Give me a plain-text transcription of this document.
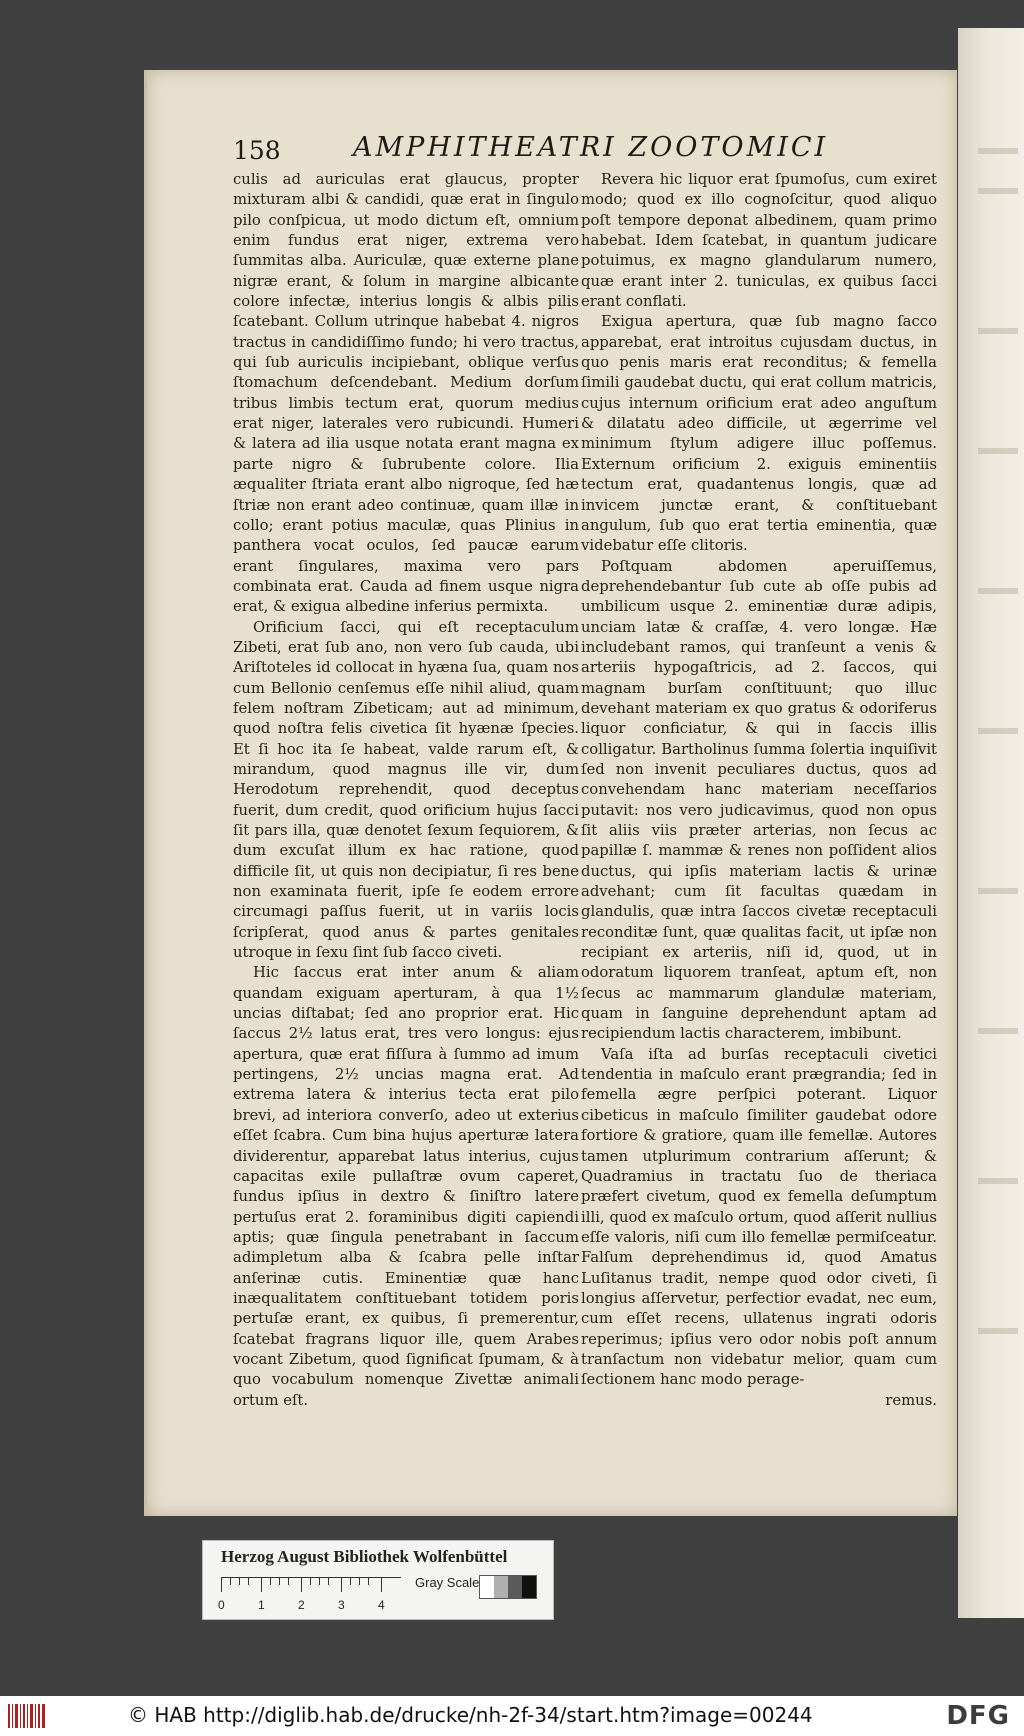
158	AMPHITHEATRI ZOOTOMICI

culis ad auriculas erat glaucus, propter mixturam albi & candidi, quæ erat in ſingulo pilo conſpicua, ut modo dictum eſt, omnium enim fundus erat niger, extrema vero ſummitas alba. Auriculæ, quæ externe plane nigræ erant, & ſolum in margine albicante colore infectæ, interius longis & albis pilis ſcatebant. Collum utrinque habebat 4. nigros tractus in candidiſſimo fundo; hi vero tractus, qui ſub auriculis incipiebant, oblique verſus ſtomachum deſcendebant. Medium dorſum tribus limbis tectum erat, quorum medius erat niger, laterales vero rubicundi. Humeri & latera ad ilia usque notata erant magna ex parte nigro & ſubrubente colore. Ilia æqualiter ſtriata erant albo nigroque, ſed hæ ſtriæ non erant adeo continuæ, quam illæ in collo; erant potius maculæ, quas Plinius in panthera vocat oculos, ſed paucæ earum erant ſingulares, maxima vero pars combinata erat. Cauda ad finem usque nigra erat, & exigua albedine inferius permixta.

Orificium ſacci, qui eſt receptaculum Zibeti, erat ſub ano, non vero ſub cauda, ubi Ariſtoteles id collocat in hyæna ſua, quam nos cum Bellonio cenſemus eſſe nihil aliud, quam felem noſtram Zibeticam; aut ad minimum, quod noſtra felis civetica ſit hyænæ ſpecies. Et ſi hoc ita ſe habeat, valde rarum eſt, & mirandum, quod magnus ille vir, dum Herodotum reprehendit, quod deceptus fuerit, dum credit, quod orificium hujus ſacci ſit pars illa, quæ denotet ſexum ſequiorem, & dum excuſat illum ex hac ratione, quod difficile ſit, ut quis non decipiatur, ſi res bene non examinata fuerit, ipſe ſe eodem errore circumagi paſſus fuerit, ut in variis locis ſcripſerat, quod anus & partes genitales utroque in ſexu ſint ſub ſacco civeti.

Hic ſaccus erat inter anum & aliam quandam exiguam aperturam, à qua 1½ uncias diſtabat; ſed ano proprior erat. Hic ſaccus 2½ latus erat, tres vero longus: ejus apertura, quæ erat fiſſura à ſummo ad imum pertingens, 2½ uncias magna erat. Ad extrema latera & interius tecta erat pilo brevi, ad interiora converſo, adeo ut exterius eſſet ſcabra. Cum bina hujus aperturæ latera dividerentur, apparebat latus interius, cujus capacitas exile pullaſtræ ovum caperet, fundus ipſius in dextro & ſiniſtro latere pertuſus erat 2. foraminibus digiti capiendi aptis; quæ ſingula penetrabant in ſaccum adimpletum alba & ſcabra pelle inſtar anſerinæ cutis. Eminentiæ quæ hanc inæqualitatem conſtituebant totidem poris pertuſæ erant, ex quibus, ſi premerentur, ſcatebat fragrans liquor ille, quem Arabes vocant Zibetum, quod ſignificat ſpumam, & à quo vocabulum nomenque Zivettæ animali ortum eſt.

Revera hic liquor erat ſpumoſus, cum exiret modo; quod ex illo cognoſcitur, quod aliquo poſt tempore deponat albedinem, quam primo habebat. Idem ſcatebat, in quantum judicare potuimus, ex magno glandularum numero, quæ erant inter 2. tuniculas, ex quibus ſacci erant conflati.

Exigua apertura, quæ ſub magno ſacco apparebat, erat introitus cujusdam ductus, in quo penis maris erat reconditus; & femella ſimili gaudebat ductu, qui erat collum matricis, cujus internum orificium erat adeo anguſtum & dilatatu adeo difficile, ut ægerrime vel minimum ſtylum adigere illuc poſſemus. Externum orificium 2. exiguis eminentiis tectum erat, quadantenus longis, quæ ad invicem junctæ erant, & conſtituebant angulum, ſub quo erat tertia eminentia, quæ videbatur eſſe clitoris.

Poſtquam abdomen aperuiſſemus, deprehendebantur ſub cute ab oſſe pubis ad umbilicum usque 2. eminentiæ duræ adipis, unciam latæ & craſſæ, 4. vero longæ. Hæ includebant ramos, qui tranſeunt a venis & arteriis hypogaſtricis, ad 2. ſaccos, qui magnam burſam conſtituunt; quo illuc devehant materiam ex quo gratus & odoriferus liquor conficiatur, & qui in ſaccis illis colligatur. Bartholinus ſumma ſolertia inquiſivit ſed non invenit peculiares ductus, quos ad convehendam hanc materiam neceſſarios putavit: nos vero judicavimus, quod non opus ſit aliis viis præter arterias, non ſecus ac papillæ ſ. mammæ & renes non poſſident alios ductus, qui ipſis materiam lactis & urinæ advehant; cum ſit facultas quædam in glandulis, quæ intra ſaccos civetæ receptaculi reconditæ ſunt, quæ qualitas facit, ut ipſæ non recipiant ex arteriis, niſi id, quod, ut in odoratum liquorem tranſeat, aptum eſt, non ſecus ac mammarum glandulæ materiam, quam in ſanguine deprehendunt aptam ad recipiendum lactis characterem, imbibunt.

Vaſa iſta ad burſas receptaculi civetici tendentia in maſculo erant prægrandia; ſed in femella ægre perſpici poterant. Liquor cibeticus in maſculo ſimiliter gaudebat odore fortiore & gratiore, quam ille femellæ. Autores tamen utplurimum contrarium aſſerunt; & Quadramius in tractatu ſuo de theriaca præfert civetum, quod ex femella deſumptum illi, quod ex maſculo ortum, quod aſſerit nullius eſſe valoris, niſi cum illo femellæ permiſceatur. Falſum deprehendimus id, quod Amatus Luſitanus tradit, nempe quod odor civeti, ſi longius aſſervetur, perfectior evadat, nec eum, cum eſſet recens, ullatenus ingrati odoris reperimus; ipſius vero odor nobis poſt annum tranſactum non videbatur melior, quam cum ſectionem hanc modo perage-

remus.

Herzog August Bibliothek Wolfenbüttel
0	1	2	3	4
Gray Scale
© HAB http://diglib.hab.de/drucke/nh-2f-34/start.htm?image=00244	DFG
